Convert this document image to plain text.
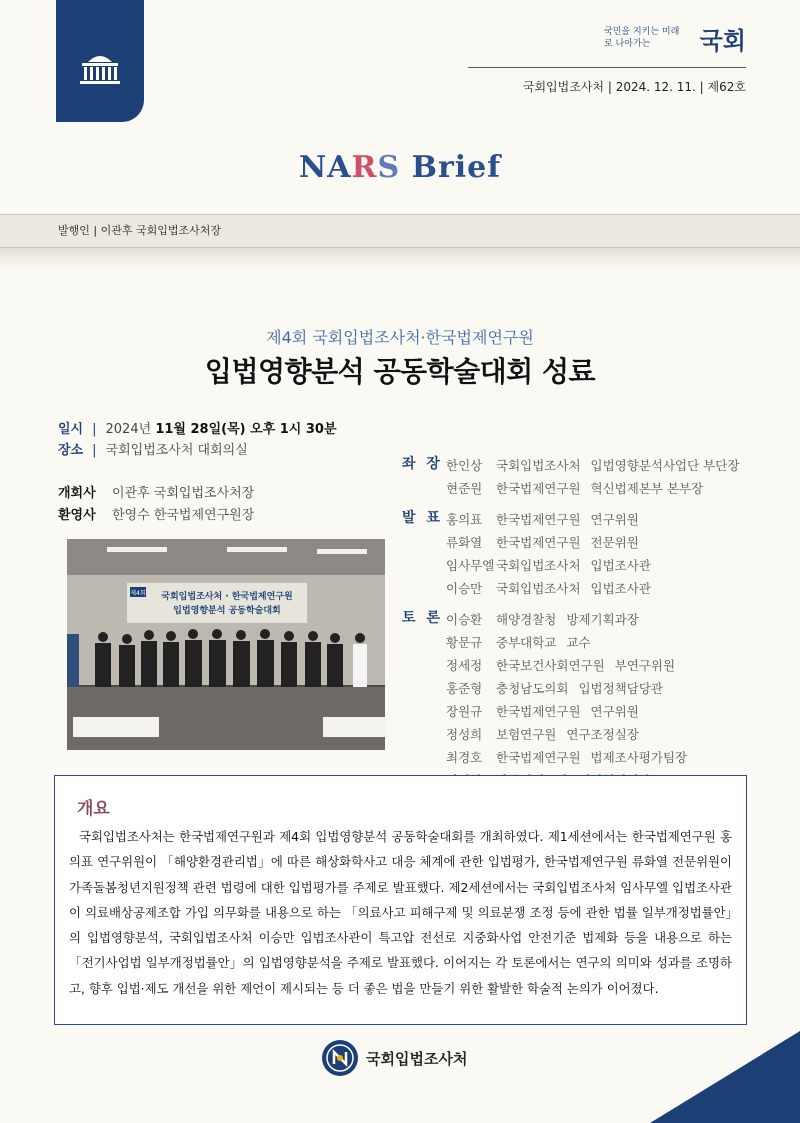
국민을 지키는 미래로 나아가는	국회
국회입법조사처 | 2024. 12. 11. | 제62호
NARS Brief
발행인 | 이관후 국회입법조사처장
제4회 국회입법조사처·한국법제연구원
입법영향분석 공동학술대회 성료
일시 | 2024년 11월 28일(목) 오후 1시 30분
장소 | 국회입법조사처 대회의실
개회사	이관후 국회입법조사처장
환영사	한영수 한국법제연구원장
제4회 국회입법조사처 · 한국법제연구원
입법영향분석 공동학술대회
좌 장 한인상	국회입법조사처 입법영향분석사업단 부단장
현준원	한국법제연구원 혁신법제본부 본부장
발 표 홍의표	한국법제연구원 연구위원
류화열	한국법제연구원 전문위원
임사무엘 국회입법조사처 입법조사관
이승만	국회입법조사처 입법조사관
토 론 이승환	해양경찰청 방제기획과장
황문규	중부대학교 교수
정세정	한국보건사회연구원 부연구위원
홍준형	충청남도의회 입법정책담당관
장원규	한국법제연구원 연구위원
정성희	보험연구원 연구조정실장
최경호	한국법제연구원 법제조사평가팀장
개요
국회입법조사처는 한국법제연구원과 제4회 입법영향분석 공동학술대회를 개최하였다. 제1세션에서는 한국법제연구원 홍의표 연구위원이 「해양환경관리법」에 따른 해상화학사고 대응 체계에 관한 입법평가, 한국법제연구원 류화열 전문위원이 가족돌봄청년지원정책 관련 법령에 대한 입법평가를 주제로 발표했다. 제2세션에서는 국회입법조사처 임사무엘 입법조사관이 의료배상공제조합 가입 의무화를 내용으로 하는 「의료사고 피해구제 및 의료분쟁 조정 등에 관한 법률 일부개정법률안」의 입법영향분석, 국회입법조사처 이승만 입법조사관이 특고압 전선로 지중화사업 안전기준 법제화 등을 내용으로 하는 「전기사업법 일부개정법률안」의 입법영향분석을 주제로 발표했다. 이어지는 각 토론에서는 연구의 의미와 성과를 조명하고, 향후 입법·제도 개선을 위한 제언이 제시되는 등 더 좋은 법을 만들기 위한 활발한 학술적 논의가 이어졌다.
국회입법조사처
